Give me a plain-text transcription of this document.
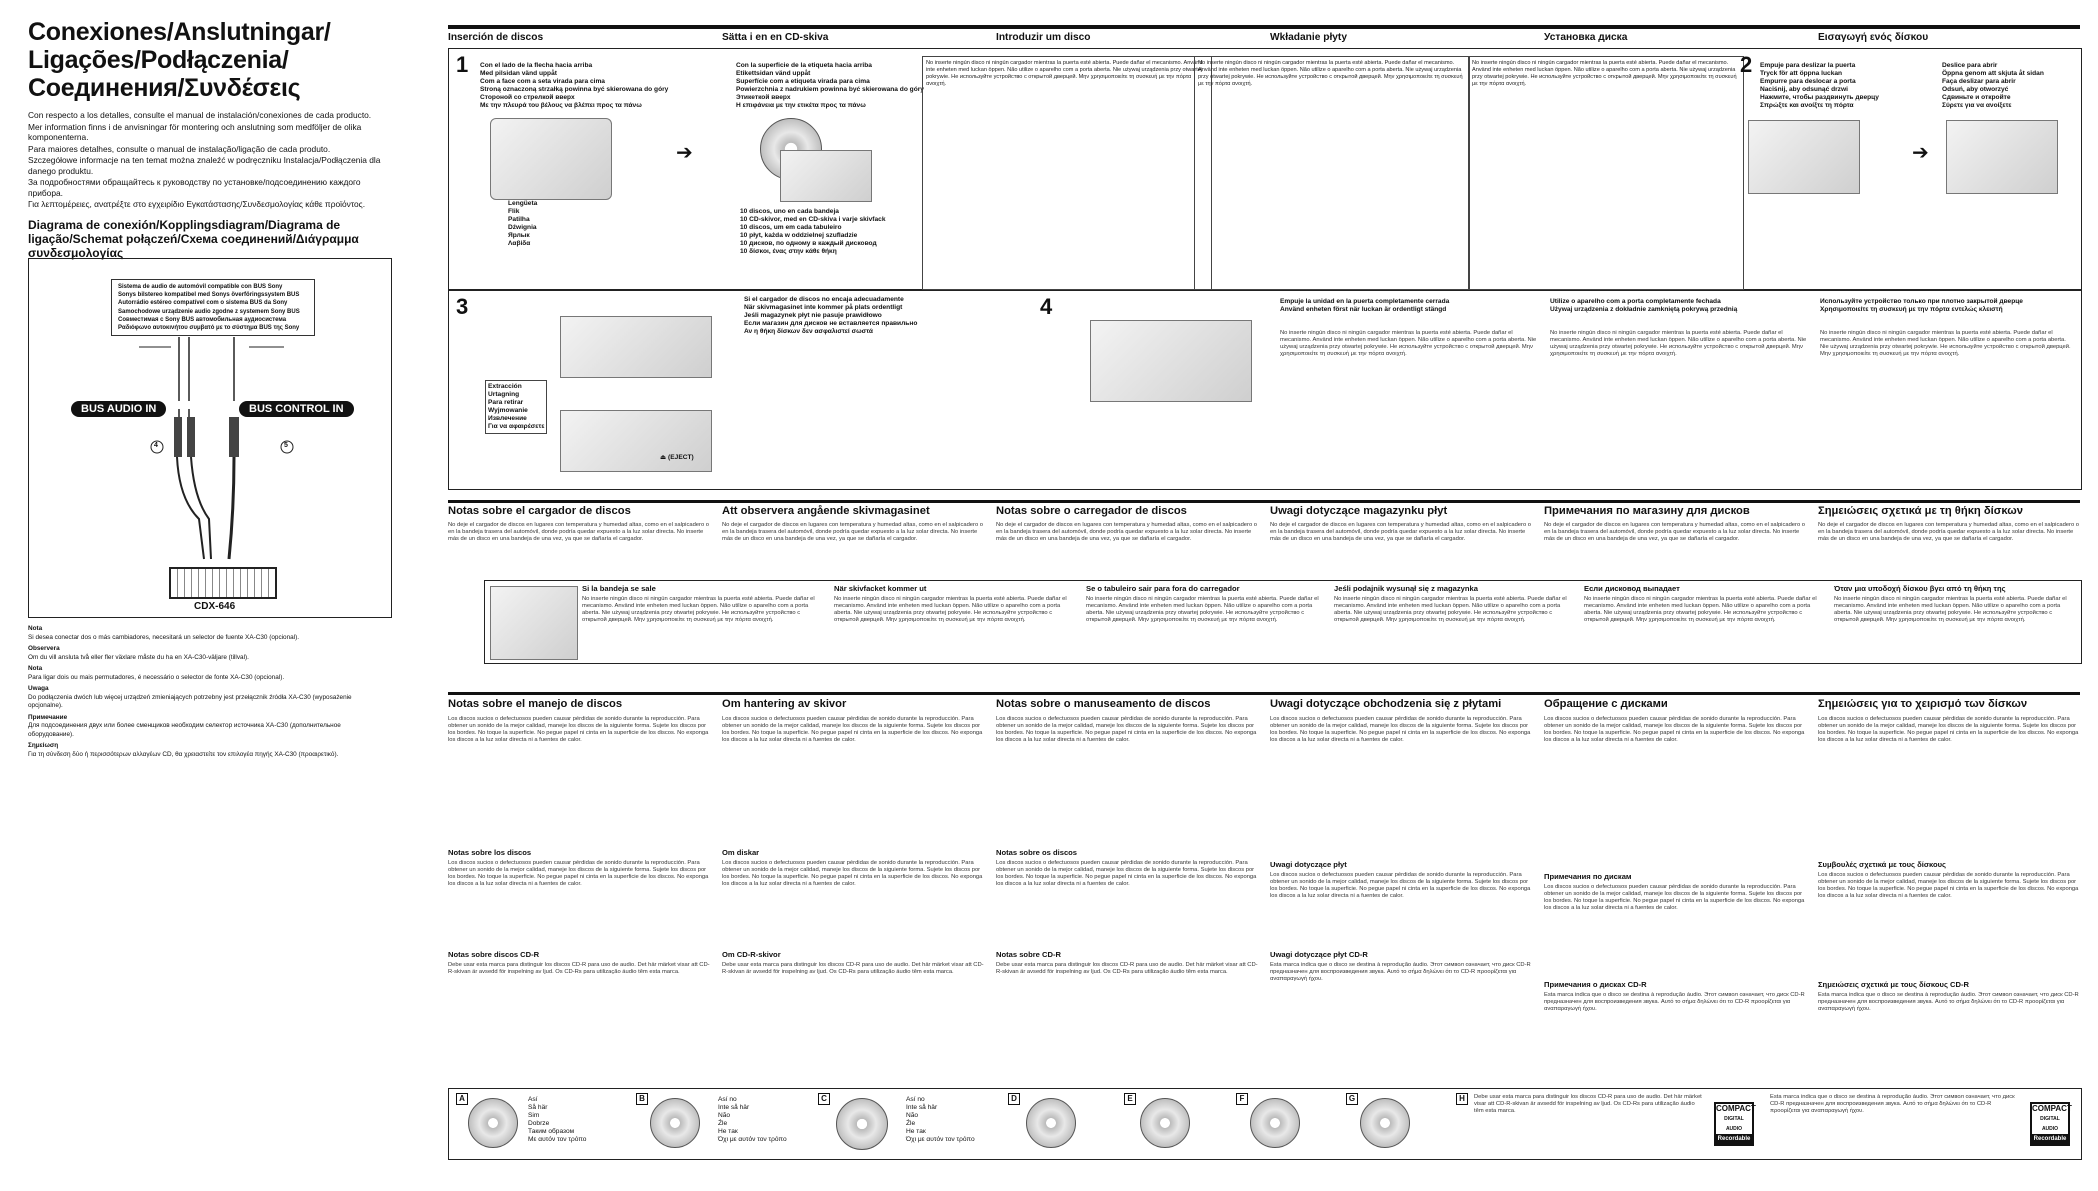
Conexiones/Anslutningar/
Ligações/Podłączenia/
Соединения/Συνδέσεις

Con respecto a los detalles, consulte el manual de instalación/conexiones de cada producto.

Mer information finns i de anvisningar för montering och anslutning som medföljer de olika komponenterna.

Para maiores detalhes, consulte o manual de instalação/ligação de cada produto.

Szczegółowe informacje na ten temat można znaleźć w podręczniku Instalacja/Podłączenia dla danego produktu.

За подробностями обращайтесь к руководству по установке/подсоединению каждого прибора.

Για λεπτομέρειες, ανατρέξτε στο εγχειρίδιο Εγκατάστασης/Συνδεσμολογίας κάθε προϊόντος.

Diagrama de conexión/Kopplingsdiagram/Diagrama de ligação/Schemat połączeń/Схема соединений/Διάγραμμα συνδεσμολογίας
Sistema de audio de automóvil compatible con BUS Sony
Sonys bilstereo kompatibel med Sonys överföringssystem BUS
Autorrádio estéreo compatível com o sistema BUS da Sony
Samochodowe urządzenie audio zgodne z systemem Sony BUS
Совместимая с Sony BUS автомобильная аудиосистема
Ραδιόφωνο αυτοκινήτου συμβατό με το σύστημα BUS της Sony
BUS AUDIO IN	BUS CONTROL IN
4	5
CDX-646
Nota
Si desea conectar dos o más cambiadores, necesitará un selector de fuente XA-C30 (opcional).
Observera
Om du vill ansluta två eller fler växlare måste du ha en XA-C30-väljare (tillval).
Nota
Para ligar dois ou mais permutadores, é necessário o selector de fonte XA-C30 (opcional).
Uwaga
Do podłączenia dwóch lub więcej urządzeń zmieniających potrzebny jest przełącznik źródła XA-C30 (wyposażenie opcjonalne).
Примечание
Для подсоединения двух или более сменщиков необходим селектор источника XA-C30 (дополнительное оборудование).
Σημείωση
Για τη σύνδεση δύο ή περισσότερων αλλαγέων CD, θα χρειαστείτε τον επιλογέα πηγής XA-C30 (προαιρετικό).
Inserción de discos	Sätta i en en CD-skiva	Introduzir um disco	Wkładanie płyty	Установка диска	Εισαγωγή ενός δίσκου
1 Con el lado de la flecha hacia arriba
Med pilsidan vänd uppåt
Com a face com a seta virada para cima
Stroną oznaczoną strzałką powinna być skierowana do góry
Стороной со стрелкой вверх
Με την πλευρά του βέλους να βλέπει προς τα πάνω
Lengüeta
Flik
Patilha
Dźwignia
Ярлык
Λαβίδα
➔
Con la superficie de la etiqueta hacia arriba
Etikettsidan vänd uppåt
Superfície com a etiqueta virada para cima
Powierzchnia z nadrukiem powinna być skierowana do góry
Этикеткой вверх
Η επιφάνεια με την ετικέτα προς τα πάνω
10 discos, uno en cada bandeja
10 CD-skivor, med en CD-skiva i varje skivfack
10 discos, um em cada tabuleiro
10 płyt, każda w oddzielnej szufladzie
10 дисков, по одному в каждый дисковод
10 δίσκοι, ένας στην κάθε θήκη
No inserte ningún disco ni ningún cargador mientras la puerta esté abierta. Puede dañar el mecanismo. Använd inte enheten med luckan öppen. Não utilize o aparelho com a porta aberta. Nie używaj urządzenia przy otwartej pokrywie. Не используйте устройство с открытой дверцей. Μην χρησιμοποιείτε τη συσκευή με την πόρτα ανοιχτή.
No inserte ningún disco ni ningún cargador mientras la puerta esté abierta. Puede dañar el mecanismo. Använd inte enheten med luckan öppen. Não utilize o aparelho com a porta aberta. Nie używaj urządzenia przy otwartej pokrywie. Не используйте устройство с открытой дверцей. Μην χρησιμοποιείτε τη συσκευή με την πόρτα ανοιχτή.
No inserte ningún disco ni ningún cargador mientras la puerta esté abierta. Puede dañar el mecanismo. Använd inte enheten med luckan öppen. Não utilize o aparelho com a porta aberta. Nie używaj urządzenia przy otwartej pokrywie. Не используйте устройство с открытой дверцей. Μην χρησιμοποιείτε τη συσκευή με την πόρτα ανοιχτή.
2 Empuje para deslizar la puerta
Tryck för att öppna luckan
Empurre para deslocar a porta
Naciśnij, aby odsunąć drzwi
Нажмите, чтобы раздвинуть дверцу
Σπρώξτε και ανοίξτε τη πόρτα
Deslice para abrir
Öppna genom att skjuta åt sidan
Faça deslizar para abrir
Odsuń, aby otworzyć
Сдвиньте и откройте
Σύρετε για να ανοίξετε
➔
3
Extracción
Urtagning
Para retirar
Wyjmowanie
Извлечение
Για να αφαιρέσετε
⏏ (EJECT)
Si el cargador de discos no encaja adecuadamente
När skivmagasinet inte kommer på plats ordentligt
Jeśli magazynek płyt nie pasuje prawidłowo
Если магазин для дисков не вставляется правильно
Αν η θήκη δίσκων δεν ασφαλιστεί σωστά
4	Empuje la unidad en la puerta completamente cerrada
Använd enheten först när luckan är ordentligt stängd
Utilize o aparelho com a porta completamente fechada
Używaj urządzenia z dokładnie zamkniętą pokrywą przednią
Используйте устройство только при плотно закрытой дверце
Χρησιμοποιείτε τη συσκευή με την πόρτα εντελώς κλειστή
No inserte ningún disco ni ningún cargador mientras la puerta esté abierta. Puede dañar el mecanismo. Använd inte enheten med luckan öppen. Não utilize o aparelho com a porta aberta. Nie używaj urządzenia przy otwartej pokrywie. Не используйте устройство с открытой дверцей. Μην χρησιμοποιείτε τη συσκευή με την πόρτα ανοιχτή.
No inserte ningún disco ni ningún cargador mientras la puerta esté abierta. Puede dañar el mecanismo. Använd inte enheten med luckan öppen. Não utilize o aparelho com a porta aberta. Nie używaj urządzenia przy otwartej pokrywie. Не используйте устройство с открытой дверцей. Μην χρησιμοποιείτε τη συσκευή με την πόρτα ανοιχτή.
No inserte ningún disco ni ningún cargador mientras la puerta esté abierta. Puede dañar el mecanismo. Använd inte enheten med luckan öppen. Não utilize o aparelho com a porta aberta. Nie używaj urządzenia przy otwartej pokrywie. Не используйте устройство с открытой дверцей. Μην χρησιμοποιείτε τη συσκευή με την πόρτα ανοιχτή.
Notas sobre el cargador de discos	Att observera angående skivmagasinet	Notas sobre o carregador de discos	Uwagi dotyczące magazynku płyt	Примечания по магазину для дисков	Σημειώσεις σχετικά με τη θήκη δίσκων
No deje el cargador de discos en lugares con temperatura y humedad altas, como en el salpicadero o en la bandeja trasera del automóvil, donde podría quedar expuesto a la luz solar directa. No inserte más de un disco en una bandeja de una vez, ya que se dañaría el cargador.
No deje el cargador de discos en lugares con temperatura y humedad altas, como en el salpicadero o en la bandeja trasera del automóvil, donde podría quedar expuesto a la luz solar directa. No inserte más de un disco en una bandeja de una vez, ya que se dañaría el cargador.
No deje el cargador de discos en lugares con temperatura y humedad altas, como en el salpicadero o en la bandeja trasera del automóvil, donde podría quedar expuesto a la luz solar directa. No inserte más de un disco en una bandeja de una vez, ya que se dañaría el cargador.
No deje el cargador de discos en lugares con temperatura y humedad altas, como en el salpicadero o en la bandeja trasera del automóvil, donde podría quedar expuesto a la luz solar directa. No inserte más de un disco en una bandeja de una vez, ya que se dañaría el cargador.
No deje el cargador de discos en lugares con temperatura y humedad altas, como en el salpicadero o en la bandeja trasera del automóvil, donde podría quedar expuesto a la luz solar directa. No inserte más de un disco en una bandeja de una vez, ya que se dañaría el cargador.
No deje el cargador de discos en lugares con temperatura y humedad altas, como en el salpicadero o en la bandeja trasera del automóvil, donde podría quedar expuesto a la luz solar directa. No inserte más de un disco en una bandeja de una vez, ya que se dañaría el cargador.
Si la bandeja se sale	När skivfacket kommer ut	Se o tabuleiro sair para fora do carregador	Jeśli podajnik wysunął się z magazynka	Если дисковод выпадает	Όταν μια υποδοχή δίσκου βγει από τη θήκη της
No inserte ningún disco ni ningún cargador mientras la puerta esté abierta. Puede dañar el mecanismo. Använd inte enheten med luckan öppen. Não utilize o aparelho com a porta aberta. Nie używaj urządzenia przy otwartej pokrywie. Не используйте устройство с открытой дверцей. Μην χρησιμοποιείτε τη συσκευή με την πόρτα ανοιχτή.
No inserte ningún disco ni ningún cargador mientras la puerta esté abierta. Puede dañar el mecanismo. Använd inte enheten med luckan öppen. Não utilize o aparelho com a porta aberta. Nie używaj urządzenia przy otwartej pokrywie. Не используйте устройство с открытой дверцей. Μην χρησιμοποιείτε τη συσκευή με την πόρτα ανοιχτή.
No inserte ningún disco ni ningún cargador mientras la puerta esté abierta. Puede dañar el mecanismo. Använd inte enheten med luckan öppen. Não utilize o aparelho com a porta aberta. Nie używaj urządzenia przy otwartej pokrywie. Не используйте устройство с открытой дверцей. Μην χρησιμοποιείτε τη συσκευή με την πόρτα ανοιχτή.
No inserte ningún disco ni ningún cargador mientras la puerta esté abierta. Puede dañar el mecanismo. Använd inte enheten med luckan öppen. Não utilize o aparelho com a porta aberta. Nie używaj urządzenia przy otwartej pokrywie. Не используйте устройство с открытой дверцей. Μην χρησιμοποιείτε τη συσκευή με την πόρτα ανοιχτή.
No inserte ningún disco ni ningún cargador mientras la puerta esté abierta. Puede dañar el mecanismo. Använd inte enheten med luckan öppen. Não utilize o aparelho com a porta aberta. Nie używaj urządzenia przy otwartej pokrywie. Не используйте устройство с открытой дверцей. Μην χρησιμοποιείτε τη συσκευή με την πόρτα ανοιχτή.
No inserte ningún disco ni ningún cargador mientras la puerta esté abierta. Puede dañar el mecanismo. Använd inte enheten med luckan öppen. Não utilize o aparelho com a porta aberta. Nie używaj urządzenia przy otwartej pokrywie. Не используйте устройство с открытой дверцей. Μην χρησιμοποιείτε τη συσκευή με την πόρτα ανοιχτή.
Notas sobre el manejo de discos	Om hantering av skivor	Notas sobre o manuseamento de discos	Uwagi dotyczące obchodzenia się z płytami	Обращение с дисками	Σημειώσεις για το χειρισμό των δίσκων
Los discos sucios o defectuosos pueden causar pérdidas de sonido durante la reproducción. Para obtener un sonido de la mejor calidad, maneje los discos de la siguiente forma. Sujete los discos por los bordes. No toque la superficie. No pegue papel ni cinta en la superficie de los discos. No exponga los discos a la luz solar directa ni a fuentes de calor.
Los discos sucios o defectuosos pueden causar pérdidas de sonido durante la reproducción. Para obtener un sonido de la mejor calidad, maneje los discos de la siguiente forma. Sujete los discos por los bordes. No toque la superficie. No pegue papel ni cinta en la superficie de los discos. No exponga los discos a la luz solar directa ni a fuentes de calor.
Los discos sucios o defectuosos pueden causar pérdidas de sonido durante la reproducción. Para obtener un sonido de la mejor calidad, maneje los discos de la siguiente forma. Sujete los discos por los bordes. No toque la superficie. No pegue papel ni cinta en la superficie de los discos. No exponga los discos a la luz solar directa ni a fuentes de calor.
Los discos sucios o defectuosos pueden causar pérdidas de sonido durante la reproducción. Para obtener un sonido de la mejor calidad, maneje los discos de la siguiente forma. Sujete los discos por los bordes. No toque la superficie. No pegue papel ni cinta en la superficie de los discos. No exponga los discos a la luz solar directa ni a fuentes de calor.
Los discos sucios o defectuosos pueden causar pérdidas de sonido durante la reproducción. Para obtener un sonido de la mejor calidad, maneje los discos de la siguiente forma. Sujete los discos por los bordes. No toque la superficie. No pegue papel ni cinta en la superficie de los discos. No exponga los discos a la luz solar directa ni a fuentes de calor.
Los discos sucios o defectuosos pueden causar pérdidas de sonido durante la reproducción. Para obtener un sonido de la mejor calidad, maneje los discos de la siguiente forma. Sujete los discos por los bordes. No toque la superficie. No pegue papel ni cinta en la superficie de los discos. No exponga los discos a la luz solar directa ni a fuentes de calor.
Notas sobre los discos	Om diskar	Notas sobre os discos
Uwagi dotyczące płyt
Примечания по дискам
Συμβουλές σχετικά με τους δίσκους
Los discos sucios o defectuosos pueden causar pérdidas de sonido durante la reproducción. Para obtener un sonido de la mejor calidad, maneje los discos de la siguiente forma. Sujete los discos por los bordes. No toque la superficie. No pegue papel ni cinta en la superficie de los discos. No exponga los discos a la luz solar directa ni a fuentes de calor.
Los discos sucios o defectuosos pueden causar pérdidas de sonido durante la reproducción. Para obtener un sonido de la mejor calidad, maneje los discos de la siguiente forma. Sujete los discos por los bordes. No toque la superficie. No pegue papel ni cinta en la superficie de los discos. No exponga los discos a la luz solar directa ni a fuentes de calor.
Los discos sucios o defectuosos pueden causar pérdidas de sonido durante la reproducción. Para obtener un sonido de la mejor calidad, maneje los discos de la siguiente forma. Sujete los discos por los bordes. No toque la superficie. No pegue papel ni cinta en la superficie de los discos. No exponga los discos a la luz solar directa ni a fuentes de calor.
Los discos sucios o defectuosos pueden causar pérdidas de sonido durante la reproducción. Para obtener un sonido de la mejor calidad, maneje los discos de la siguiente forma. Sujete los discos por los bordes. No toque la superficie. No pegue papel ni cinta en la superficie de los discos. No exponga los discos a la luz solar directa ni a fuentes de calor.
Los discos sucios o defectuosos pueden causar pérdidas de sonido durante la reproducción. Para obtener un sonido de la mejor calidad, maneje los discos de la siguiente forma. Sujete los discos por los bordes. No toque la superficie. No pegue papel ni cinta en la superficie de los discos. No exponga los discos a la luz solar directa ni a fuentes de calor.
Los discos sucios o defectuosos pueden causar pérdidas de sonido durante la reproducción. Para obtener un sonido de la mejor calidad, maneje los discos de la siguiente forma. Sujete los discos por los bordes. No toque la superficie. No pegue papel ni cinta en la superficie de los discos. No exponga los discos a la luz solar directa ni a fuentes de calor.
Notas sobre discos CD-R	Om CD-R-skivor	Notas sobre CD-R	Uwagi dotyczące płyt CD-R
Примечания о дисках CD-R	Σημειώσεις σχετικά με τους δίσκους CD-R
Debe usar esta marca para distinguir los discos CD-R para uso de audio. Det här märket visar att CD-R-skivan är avsedd för inspelning av ljud. Os CD-Rs para utilização áudio têm esta marca.
Debe usar esta marca para distinguir los discos CD-R para uso de audio. Det här märket visar att CD-R-skivan är avsedd för inspelning av ljud. Os CD-Rs para utilização áudio têm esta marca.
Debe usar esta marca para distinguir los discos CD-R para uso de audio. Det här märket visar att CD-R-skivan är avsedd för inspelning av ljud. Os CD-Rs para utilização áudio têm esta marca.
Esta marca indica que o disco se destina à reprodução áudio. Этот символ означает, что диск CD-R предназначен для воспроизведения звука. Αυτό το σήμα δηλώνει ότι το CD-R προορίζεται για αναπαραγωγή ήχου.
Esta marca indica que o disco se destina à reprodução áudio. Этот символ означает, что диск CD-R предназначен для воспроизведения звука. Αυτό το σήμα δηλώνει ότι το CD-R προορίζεται για αναπαραγωγή ήχου.
Esta marca indica que o disco se destina à reprodução áudio. Этот символ означает, что диск CD-R предназначен для воспроизведения звука. Αυτό το σήμα δηλώνει ότι το CD-R προορίζεται για αναπαραγωγή ήχου.
A	Así
Så här
Sim
Dobrze
Таким образом
Με αυτόν τον τρόπο
B	Así no
Inte så här
Não
Źle
Не так
Όχι με αυτόν τον τρόπο
C	Así no
Inte så här
Não
Źle
Не так
Όχι με αυτόν τον τρόπο
D	E	F	G	H	Debe usar esta marca para distinguir los discos CD-R para uso de audio. Det här märket visar att CD-R-skivan är avsedd för inspelning av ljud. Os CD-Rs para utilização áudio têm esta marca.	COMPACT
DIGITAL AUDIO
Recordable
Esta marca indica que o disco se destina à reprodução áudio. Этот символ означает, что диск CD-R предназначен для воспроизведения звука. Αυτό το σήμα δηλώνει ότι το CD-R προορίζεται για αναπαραγωγή ήχου.	COMPACT
DIGITAL AUDIO
Recordable
